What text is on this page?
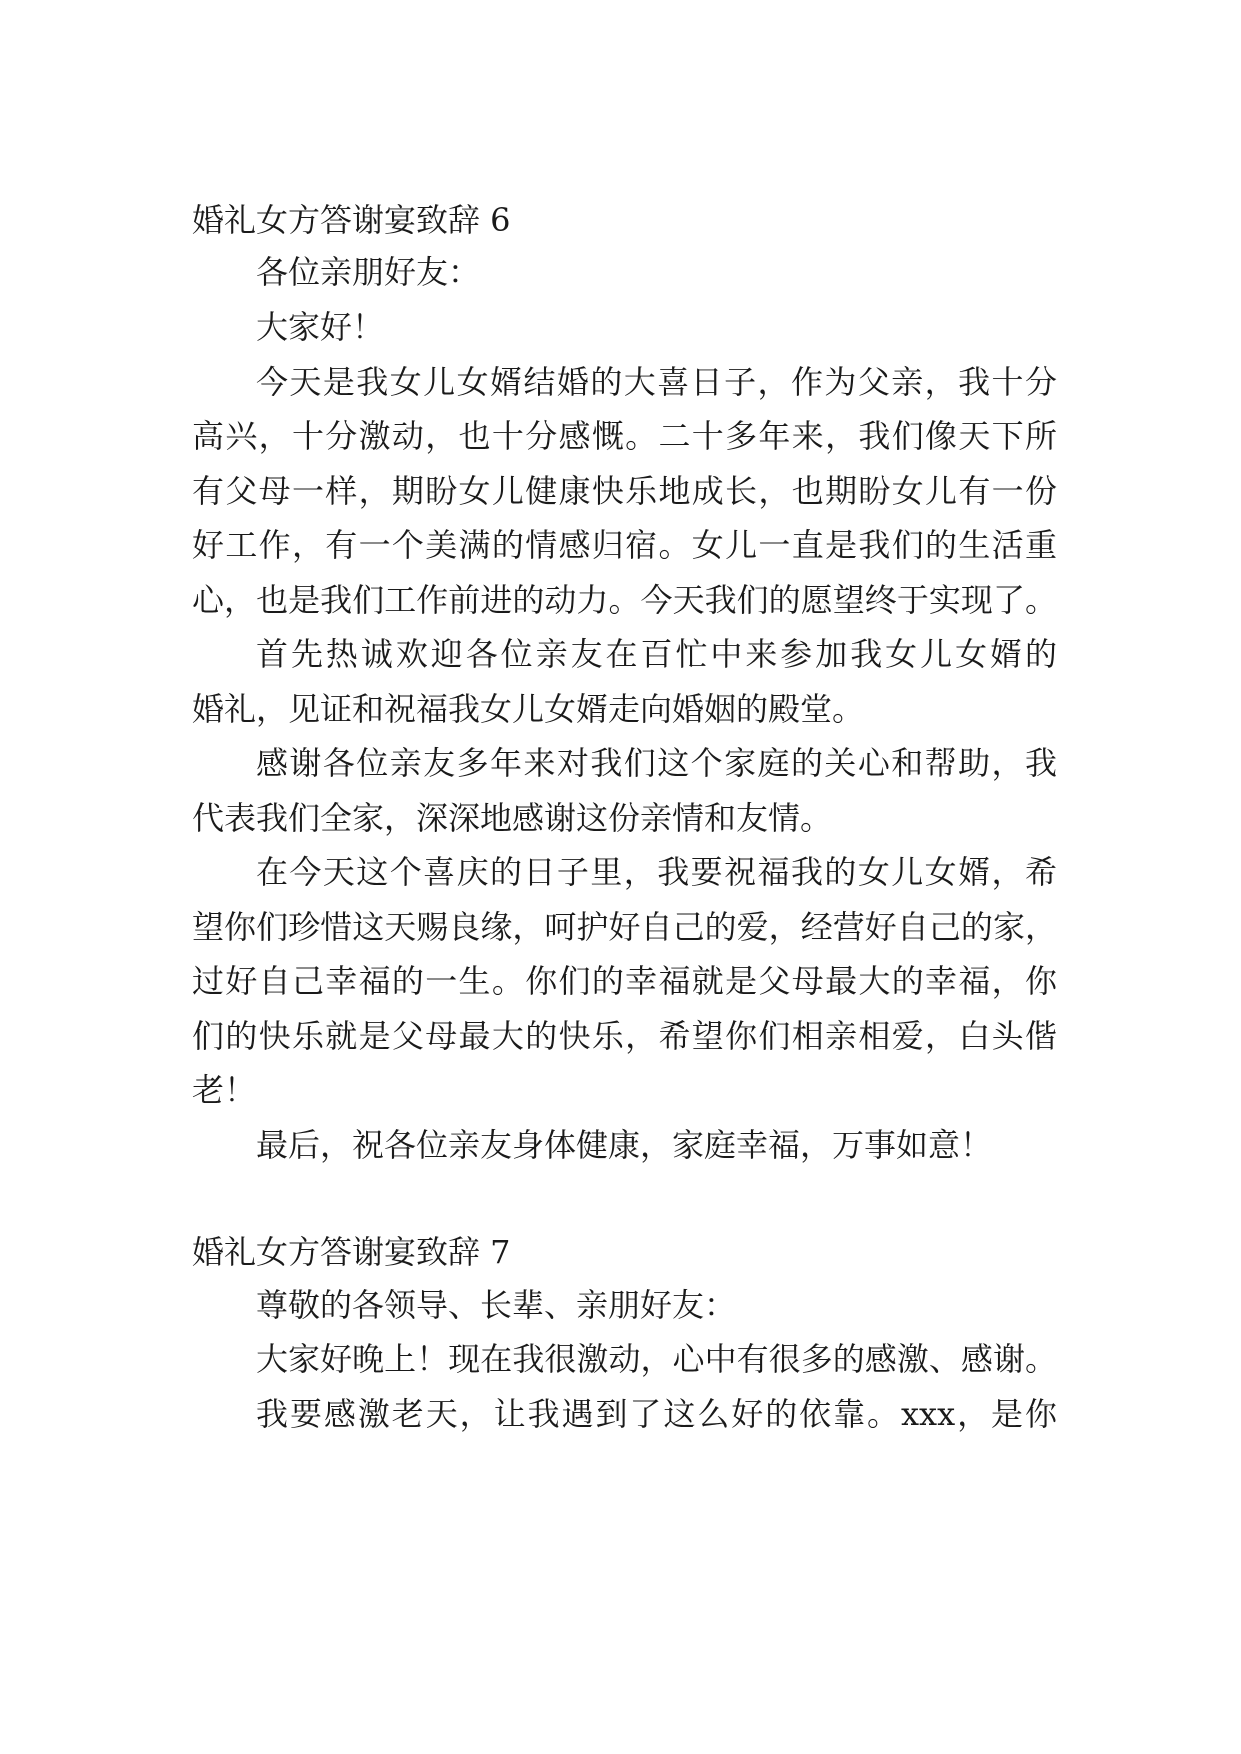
婚礼女方答谢宴致辞 6
各位亲朋好友：
大家好！
今天是我女儿女婿结婚的大喜日子，作为父亲，我十分
高兴，十分激动，也十分感慨。二十多年来，我们像天下所
有父母一样，期盼女儿健康快乐地成长，也期盼女儿有一份
好工作，有一个美满的情感归宿。女儿一直是我们的生活重
心，也是我们工作前进的动力。今天我们的愿望终于实现了。
首先热诚欢迎各位亲友在百忙中来参加我女儿女婿的
婚礼，见证和祝福我女儿女婿走向婚姻的殿堂。
感谢各位亲友多年来对我们这个家庭的关心和帮助，我
代表我们全家，深深地感谢这份亲情和友情。
在今天这个喜庆的日子里，我要祝福我的女儿女婿，希
望你们珍惜这天赐良缘，呵护好自己的爱，经营好自己的家，
过好自己幸福的一生。你们的幸福就是父母最大的幸福，你
们的快乐就是父母最大的快乐，希望你们相亲相爱，白头偕
老！
最后，祝各位亲友身体健康，家庭幸福，万事如意！
婚礼女方答谢宴致辞 7
尊敬的各领导、长辈、亲朋好友：
大家好晚上！现在我很激动，心中有很多的感激、感谢。
我要感激老天，让我遇到了这么好的依靠。xxx，是你
